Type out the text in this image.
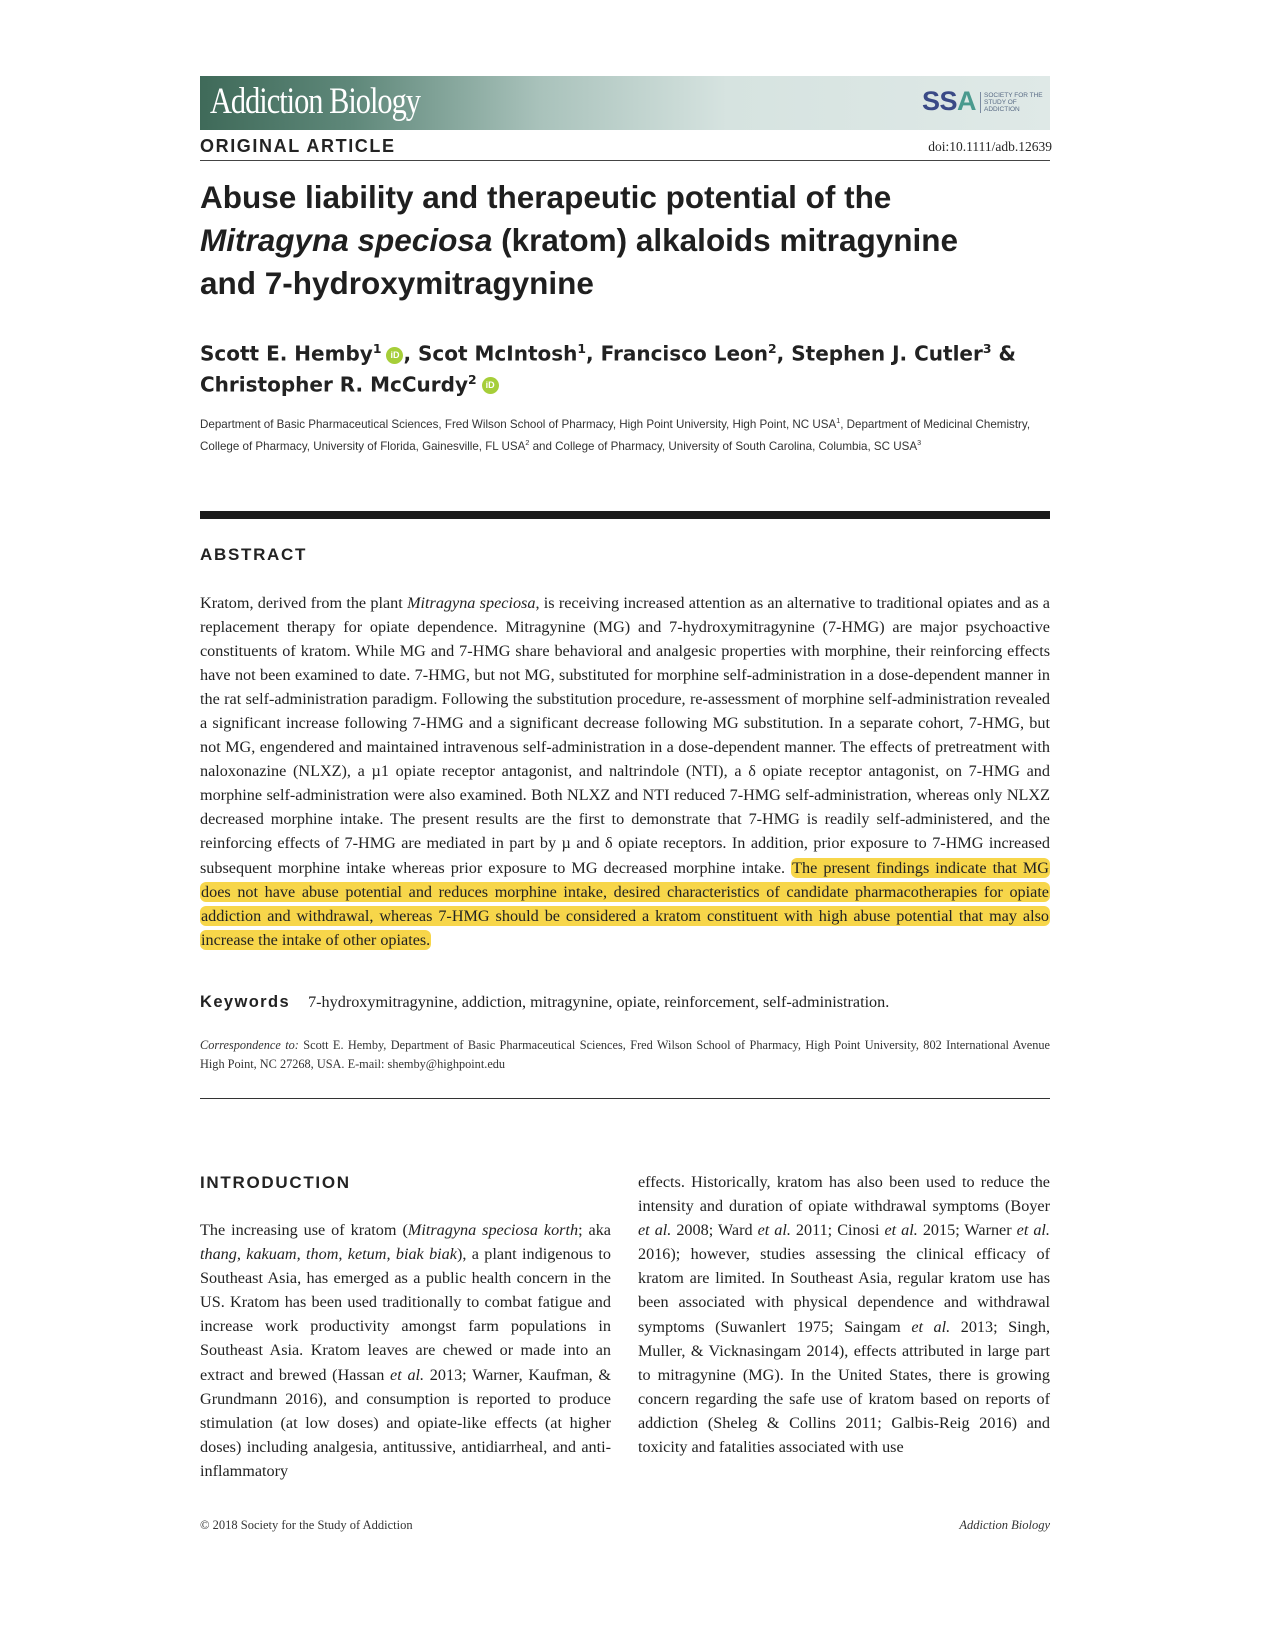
Addiction Biology	SSA	SOCIETY FOR THE STUDY OF ADDICTION
ORIGINAL ARTICLE	doi:10.1111/adb.12639
Abuse liability and therapeutic potential of the
Mitragyna speciosa (kratom) alkaloids mitragynine
and 7-hydroxymitragynine
Scott E. Hemby$^1$ iD , Scot McIntosh$^1$, Francisco Leon$^2$, Stephen J. Cutler$^3$ &
Christopher R. McCurdy$^2$ iD
Department of Basic Pharmaceutical Sciences, Fred Wilson School of Pharmacy, High Point University, High Point, NC USA$^1$, Department of Medicinal Chemistry, College of Pharmacy, University of Florida, Gainesville, FL USA$^2$ and College of Pharmacy, University of South Carolina, Columbia, SC USA$^3$
ABSTRACT
Kratom, derived from the plant Mitragyna speciosa, is receiving increased attention as an alternative to traditional opiates and as a replacement therapy for opiate dependence. Mitragynine (MG) and 7-hydroxymitragynine (7-HMG) are major psychoactive constituents of kratom. While MG and 7-HMG share behavioral and analgesic properties with morphine, their reinforcing effects have not been examined to date. 7-HMG, but not MG, substituted for morphine self-administration in a dose-dependent manner in the rat self-administration paradigm. Following the substitution procedure, re-assessment of morphine self-administration revealed a significant increase following 7-HMG and a significant decrease following MG substitution. In a separate cohort, 7-HMG, but not MG, engendered and maintained intravenous self-administration in a dose-dependent manner. The effects of pretreatment with naloxonazine (NLXZ), a µ1 opiate receptor antagonist, and naltrindole (NTI), a δ opiate receptor antagonist, on 7-HMG and morphine self-administration were also examined. Both NLXZ and NTI reduced 7-HMG self-administration, whereas only NLXZ decreased morphine intake. The present results are the first to demonstrate that 7-HMG is readily self-administered, and the reinforcing effects of 7-HMG are mediated in part by µ and δ opiate receptors. In addition, prior exposure to 7-HMG increased subsequent morphine intake whereas prior exposure to MG decreased morphine intake. The present findings indicate that MG does not have abuse potential and reduces morphine intake, desired characteristics of candidate pharmacotherapies for opiate addiction and withdrawal, whereas 7-HMG should be considered a kratom constituent with high abuse potential that may also increase the intake of other opiates.
Keywords 7-hydroxymitragynine, addiction, mitragynine, opiate, reinforcement, self-administration.
Correspondence to: Scott E. Hemby, Department of Basic Pharmaceutical Sciences, Fred Wilson School of Pharmacy, High Point University, 802 International Avenue High Point, NC 27268, USA. E-mail: shemby@highpoint.edu
INTRODUCTION
The increasing use of kratom (Mitragyna speciosa korth; aka thang, kakuam, thom, ketum, biak biak), a plant indigenous to Southeast Asia, has emerged as a public health concern in the US. Kratom has been used traditionally to combat fatigue and increase work productivity amongst farm populations in Southeast Asia. Kratom leaves are chewed or made into an extract and brewed (Hassan et al. 2013; Warner, Kaufman, & Grundmann 2016), and consumption is reported to produce stimulation (at low doses) and opiate-like effects (at higher doses) including analgesia, antitussive, antidiarrheal, and anti-inflammatory
effects. Historically, kratom has also been used to reduce the intensity and duration of opiate withdrawal symptoms (Boyer et al. 2008; Ward et al. 2011; Cinosi et al. 2015; Warner et al. 2016); however, studies assessing the clinical efficacy of kratom are limited. In Southeast Asia, regular kratom use has been associated with physical dependence and withdrawal symptoms (Suwanlert 1975; Saingam et al. 2013; Singh, Muller, & Vicknasingam 2014), effects attributed in large part to mitragynine (MG). In the United States, there is growing concern regarding the safe use of kratom based on reports of addiction (Sheleg & Collins 2011; Galbis-Reig 2016) and toxicity and fatalities associated with use
© 2018 Society for the Study of Addiction	Addiction Biology
